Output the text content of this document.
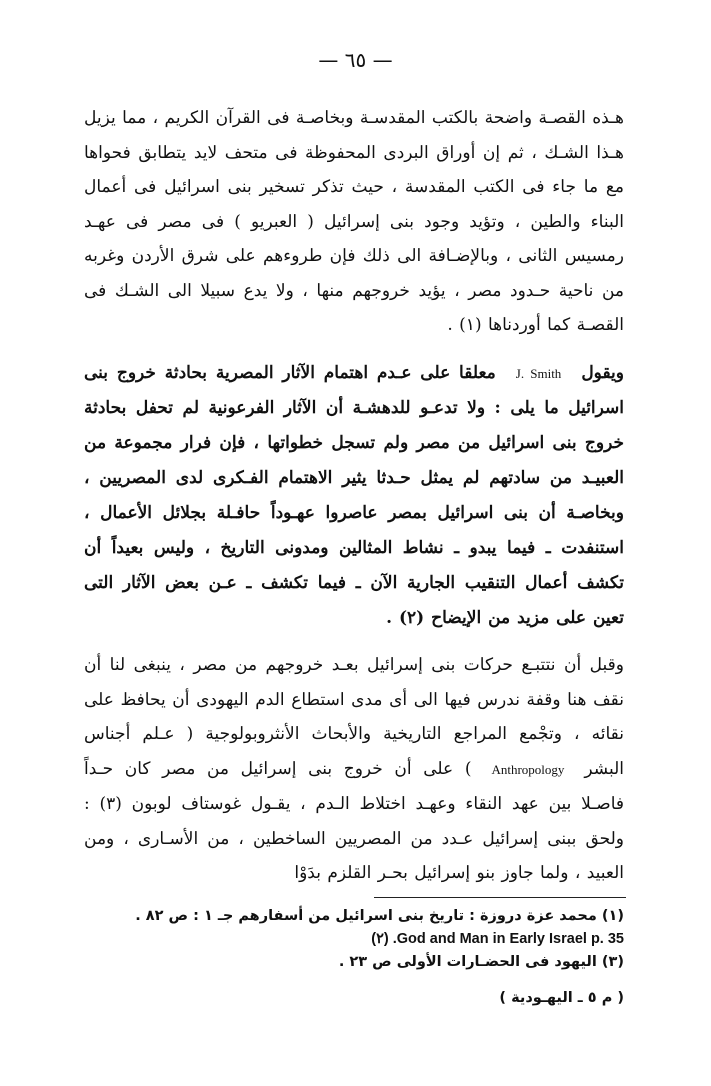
— ٦٥ —
ﻫـذه القصـة واضحة بالكتب المقدسـة وبخاصـة فى القرآن الكريم ، مما يزيل هـذا الشـك ، ثم إن أوراق البردى المحفوظة فى متحف لايد يتطابق فحواها مع ما جاء فى الكتب المقدسة ، حيث تذكر تسخير بنى اسرائيل فى أعمال البناء والطين ، وتؤيد وجود بنى إسرائيل ( العبريو ) فى مصر فى عهـد رمسيس الثانى ، وبالإضـافة الى ذلك فإن طروءهم على شرق الأردن وغربه من ناحية حـدود مصر ، يؤيد خروجهم منها ، ولا يدع سبيلا الى الشـك فى القصـة كما أوردناها (١) .
ويقولJ. Smithمعلقا على عـدم اهتمام الآثار المصرية بحادثة خروج بنى اسرائيل ما يلى : ولا تدعـو للدهشـة أن الآثار الفرعونية لم تحفل بحادثة خروج بنى اسرائيل من مصر ولم تسجل خطواتها ، فإن فرار مجموعة من العبيـد من سادتهم لم يمثل حـدثا يثير الاهتمام الفـكرى لدى المصريين ، وبخاصـة أن بنى اسرائيل بمصر عاصروا عهـوداً حافـلة بجلائل الأعمال ، استنفدت ـ فيما يبدو ـ نشاط المثالين ومدونى التاريخ ، وليس بعيداً أن تكشف أعمال التنقيب الجارية الآن ـ فيما تكشف ـ عـن بعض الآثار التى تعين على مزيد من الإيضاح (٢) .
وقبل أن نتتبـع حركات بنى إسرائيل بعـد خروجهم من مصر ، ينبغى لنا أن نقف هنا وقفة ندرس فيها الى أى مدى استطاع الدم اليهودى أن يحافظ على نقائه ، وتجْمع المراجع التاريخية والأبحاث الأنثروبولوجية ( عـلم أجناس البشرAnthropology) على أن خروج بنى إسرائيل من مصر كان حـداً فاصـلا بين عهد النقاء وعهـد اختلاط الـدم ، يقـول غوستاف لوبون (٣) : ولحق ببنى إسرائيل عـدد من المصريين الساخطين ، من الأسـارى ، ومن العبيد ، ولما جاوز بنو إسرائيل بحـر القلزم بدَوْا
(١) محمد عزة دروزة : تاريخ بنى اسرائيل من أسفارهم جـ ١ : ص ٨٢ .
God and Man in Early Israel p. 35. (٢)
(٣) اليهود فى الحضـارات الأولى ص ٢٣ .
( م ٥ ـ اليهـودية )
